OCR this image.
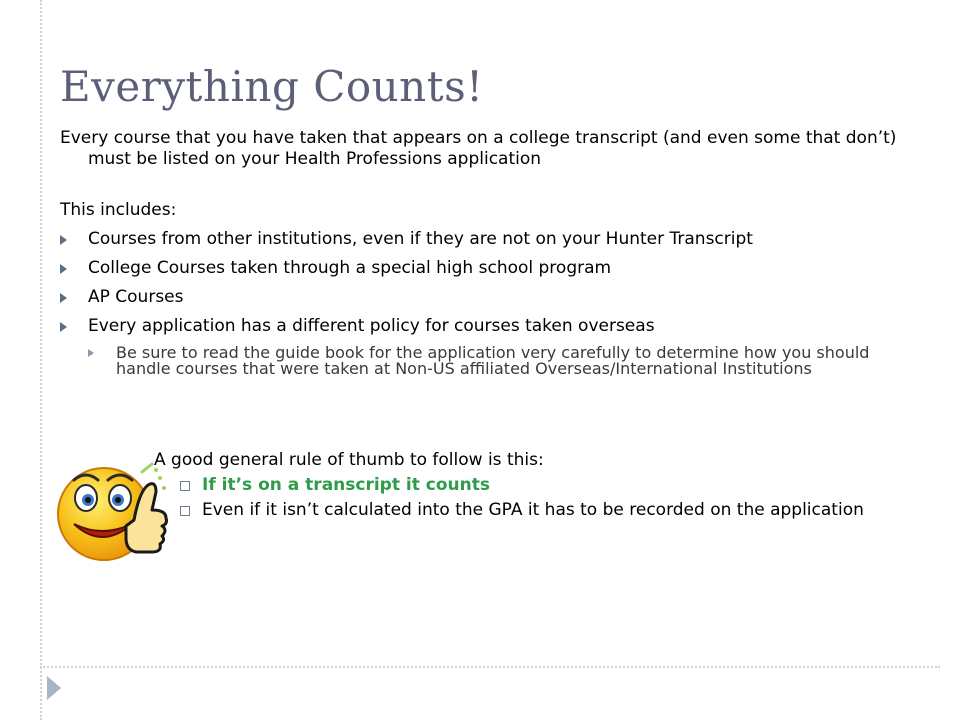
Everything Counts!

Every course that you have taken that appears on a college transcript (and even some that don’t) must be listed on your Health Professions application

This includes:

Courses from other institutions, even if they are not on your Hunter Transcript
College Courses taken through a special high school program
AP Courses
Every application has a different policy for courses taken overseas
Be sure to read the guide book for the application very carefully to determine how you should handle courses that were taken at Non-US affiliated Overseas/International Institutions

A good general rule of thumb to follow is this:

If it’s on a transcript it counts
Even if it isn’t calculated into the GPA it has to be recorded on the application
